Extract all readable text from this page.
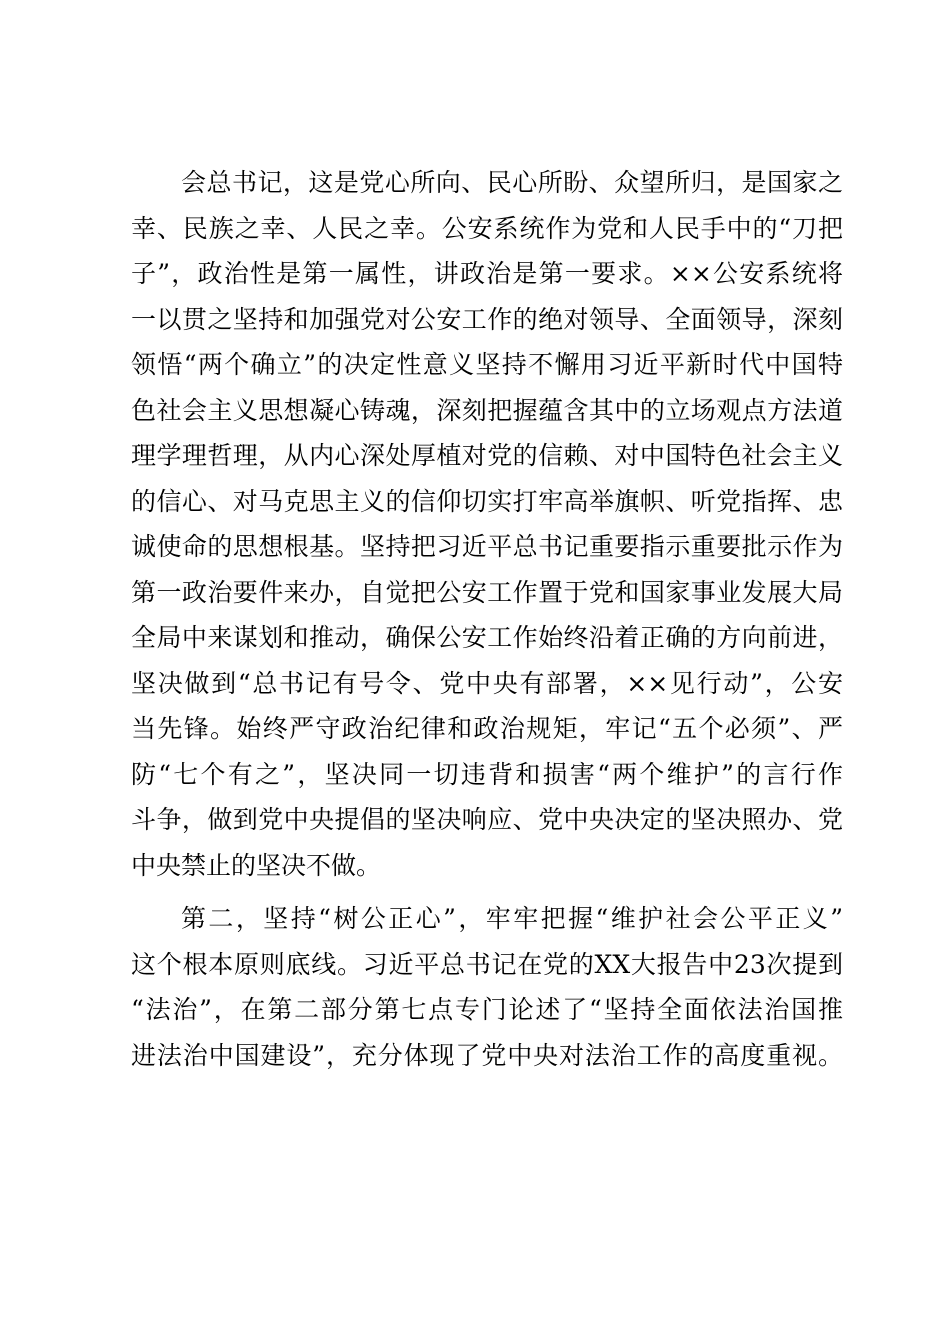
会总书记，这是党心所向、民心所盼、众望所归，是国家之
幸、民族之幸、人民之幸。公安系统作为党和人民手中的“刀把
子”，政治性是第一属性，讲政治是第一要求。××公安系统将
一以贯之坚持和加强党对公安工作的绝对领导、全面领导，深刻
领悟“两个确立”的决定性意义坚持不懈用习近平新时代中国特
色社会主义思想凝心铸魂，深刻把握蕴含其中的立场观点方法道
理学理哲理，从内心深处厚植对党的信赖、对中国特色社会主义
的信心、对马克思主义的信仰切实打牢高举旗帜、听党指挥、忠
诚使命的思想根基。坚持把习近平总书记重要指示重要批示作为
第一政治要件来办，自觉把公安工作置于党和国家事业发展大局
全局中来谋划和推动，确保公安工作始终沿着正确的方向前进，
坚决做到“总书记有号令、党中央有部署，××见行动”，公安
当先锋。始终严守政治纪律和政治规矩，牢记“五个必须”、严
防“七个有之”，坚决同一切违背和损害“两个维护”的言行作
斗争，做到党中央提倡的坚决响应、党中央决定的坚决照办、党
中央禁止的坚决不做。
第二，坚持“树公正心”，牢牢把握“维护社会公平正义”
这个根本原则底线。习近平总书记在党的XX大报告中23次提到
“法治”，在第二部分第七点专门论述了“坚持全面依法治国推
进法治中国建设”，充分体现了党中央对法治工作的高度重视。
